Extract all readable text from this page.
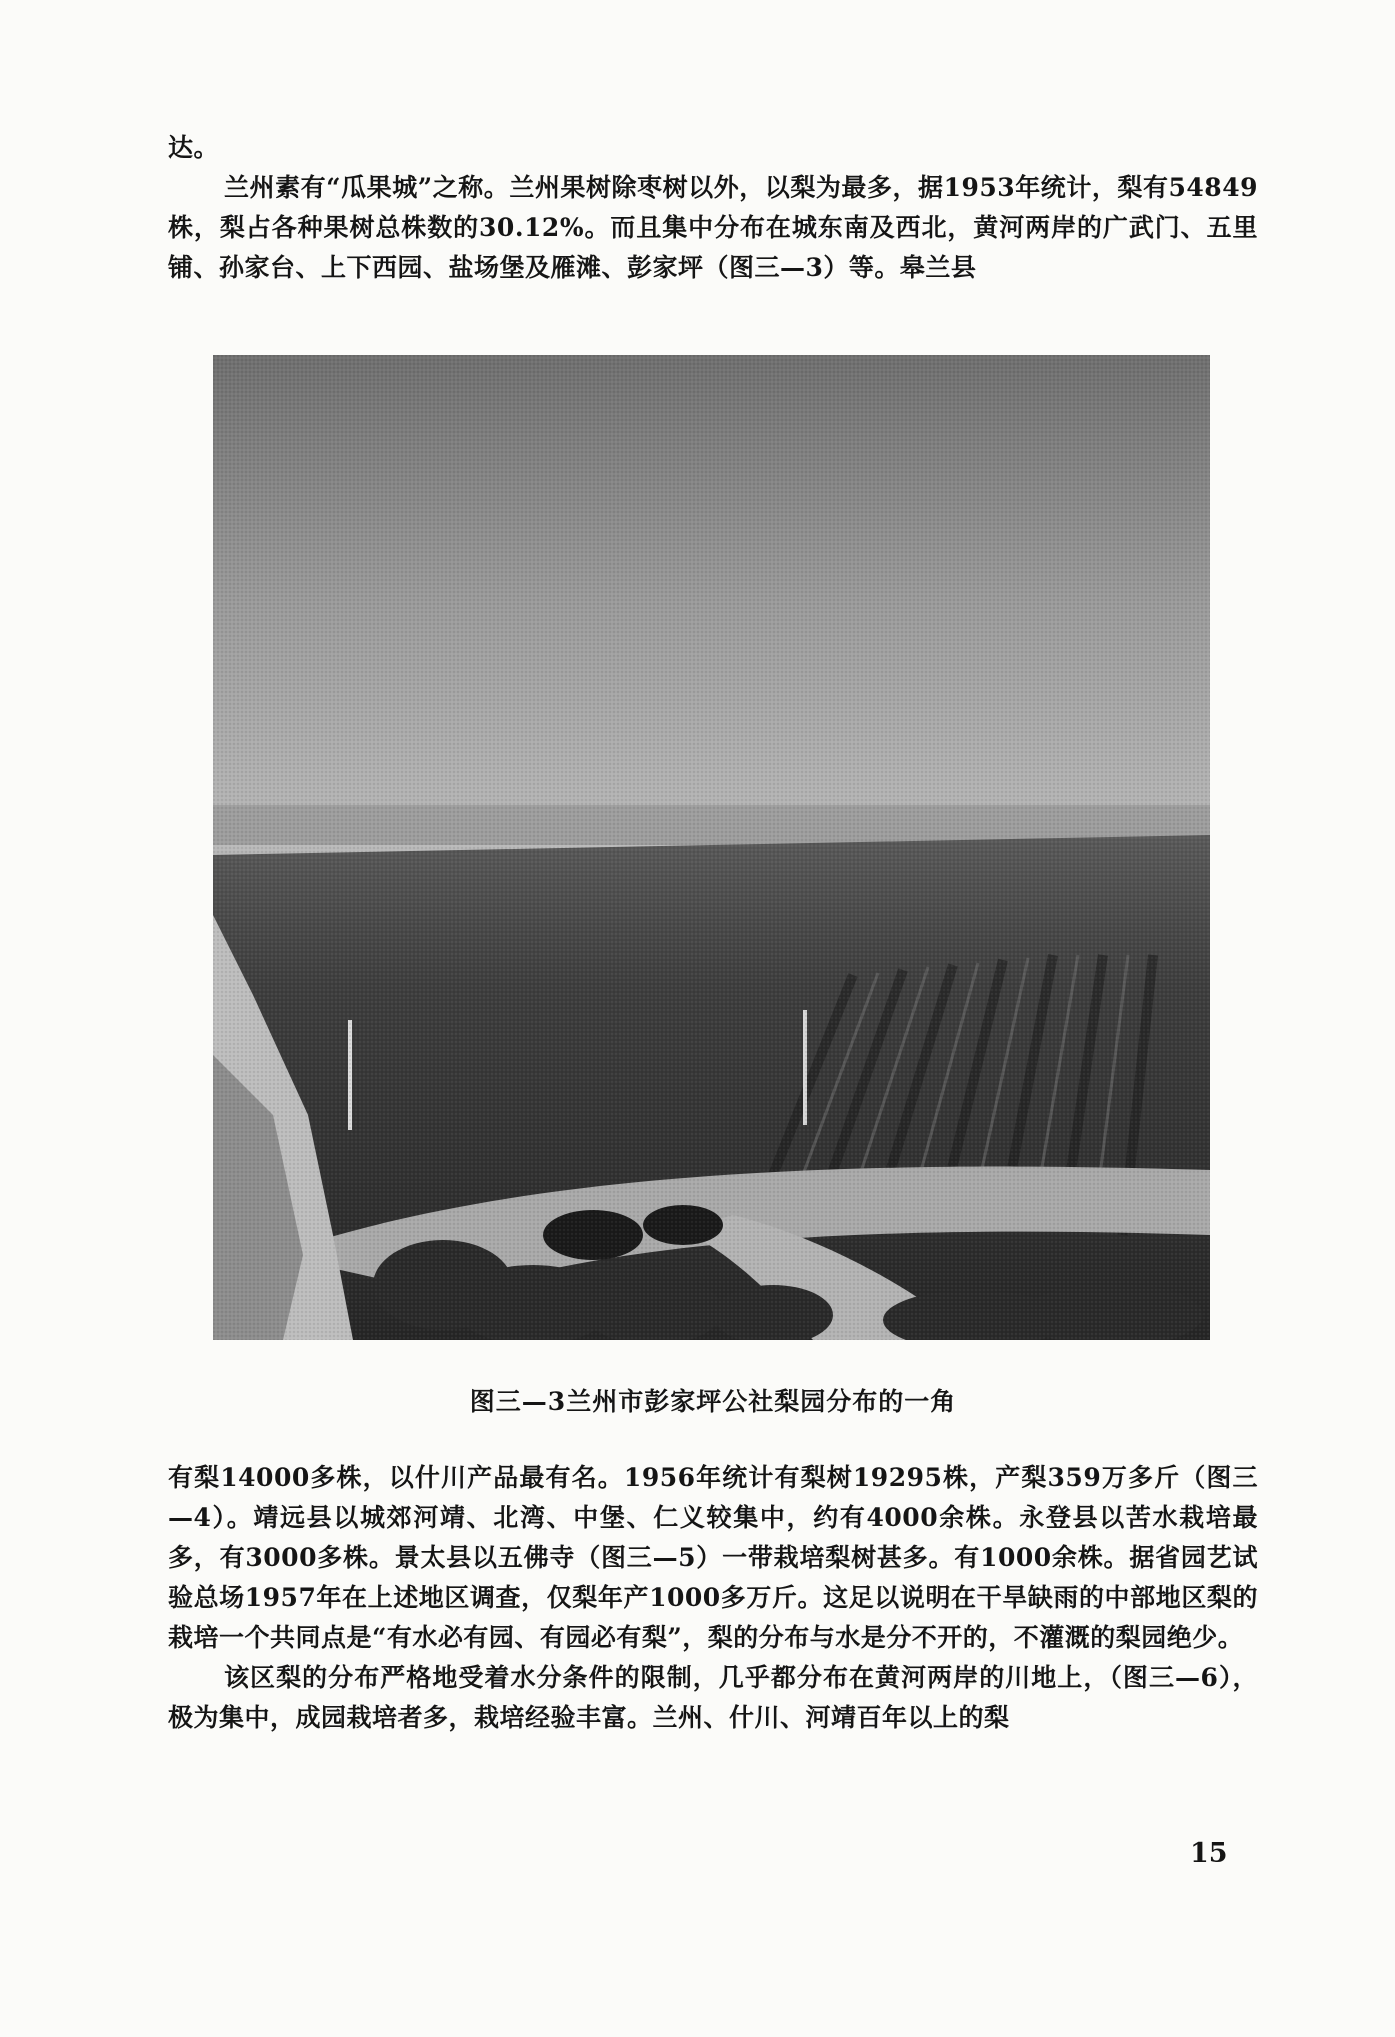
达。

兰州素有“瓜果城”之称。兰州果树除枣树以外，以梨为最多，据1953年统计，梨有54849株，梨占各种果树总株数的30.12%。而且集中分布在城东南及西北，黄河两岸的广武门、五里铺、孙家台、上下西园、盐场堡及雁滩、彭家坪（图三—3）等。皋兰县

图三—3兰州市彭家坪公社梨园分布的一角

有梨14000多株，以什川产品最有名。1956年统计有梨树19295株，产梨359万多斤（图三—4）。靖远县以城郊河靖、北湾、中堡、仁义较集中，约有4000余株。永登县以苦水栽培最多，有3000多株。景太县以五佛寺（图三—5）一带栽培梨树甚多。有1000余株。据省园艺试验总场1957年在上述地区调查，仅梨年产1000多万斤。这足以说明在干旱缺雨的中部地区梨的栽培一个共同点是“有水必有园、有园必有梨”，梨的分布与水是分不开的，不灌溉的梨园绝少。

该区梨的分布严格地受着水分条件的限制，几乎都分布在黄河两岸的川地上，（图三—6），极为集中，成园栽培者多，栽培经验丰富。兰州、什川、河靖百年以上的梨

15
